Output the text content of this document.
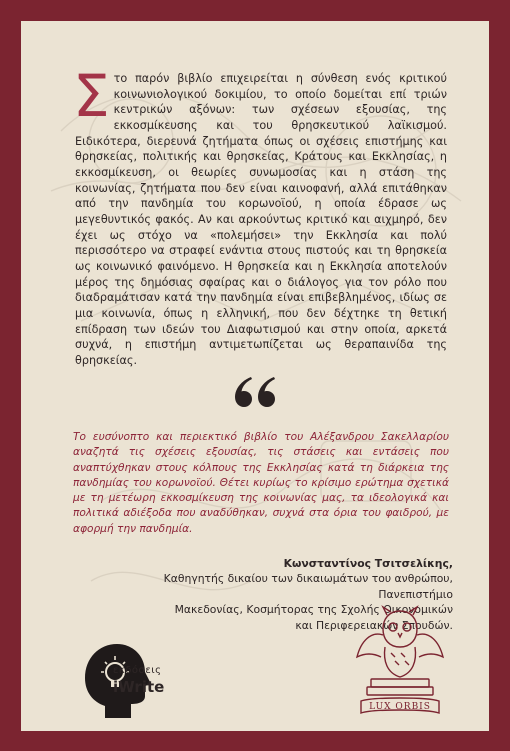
Στο παρόν βιβλίο επιχειρείται η σύνθεση ενός κριτικού κοινωνιολογικού δοκιμίου, το οποίο δομείται επί τριών κεντρικών αξόνων: των σχέσεων εξουσίας, της εκκοσμίκευσης και του θρησκευτικού λαϊκισμού. Ειδικότερα, διερευνά ζητήματα όπως οι σχέσεις επιστήμης και θρησκείας, πολιτικής και θρησκείας, Κράτους και Εκκλησίας, η εκκοσμίκευση, οι θεωρίες συνωμοσίας και η στάση της κοινωνίας, ζητήματα που δεν είναι καινοφανή, αλλά επιτάθηκαν από την πανδημία του κορωνοϊού, η οποία έδρασε ως μεγεθυντικός φακός. Αν και αρκούντως κριτικό και αιχμηρό, δεν έχει ως στόχο να «πολεμήσει» την Εκκλησία και πολύ περισσότερο να στραφεί ενάντια στους πιστούς και τη θρησκεία ως κοινωνικό φαινόμενο. Η θρησκεία και η Εκκλησία αποτελούν μέρος της δημόσιας σφαίρας και ο διάλογος για τον ρόλο που διαδραμάτισαν κατά την πανδημία είναι επιβεβλημένος, ιδίως σε μια κοινωνία, όπως η ελληνική, που δεν δέχτηκε τη θετική επίδραση των ιδεών του Διαφωτισμού και στην οποία, αρκετά συχνά, η επιστήμη αντιμετωπίζεται ως θεραπαινίδα της θρησκείας.

Το ευσύνοπτο και περιεκτικό βιβλίο του Αλέξανδρου Σακελλαρίου αναζητά τις σχέσεις εξουσίας, τις στάσεις και εντάσεις που αναπτύχθηκαν στους κόλπους της Εκκλησίας κατά τη διάρκεια της πανδημίας του κορωνοϊού. Θέτει κυρίως το κρίσιμο ερώτημα σχετικά με τη μετέωρη εκκοσμίκευση της κοινωνίας μας, τα ιδεολογικά και πολιτικά αδιέξοδα που αναδύθηκαν, συχνά στα όρια του φαιδρού, με αφορμή την πανδημία.

Κωνσταντίνος Τσιτσελίκης,
Καθηγητής δικαίου των δικαιωμάτων του ανθρώπου, Πανεπιστήμιο
Μακεδονίας, Κοσμήτορας της Σχολής Οικονομικών
και Περιφερειακών Σπουδών.
εκδόσεις
iWrite
LUX ORBIS
